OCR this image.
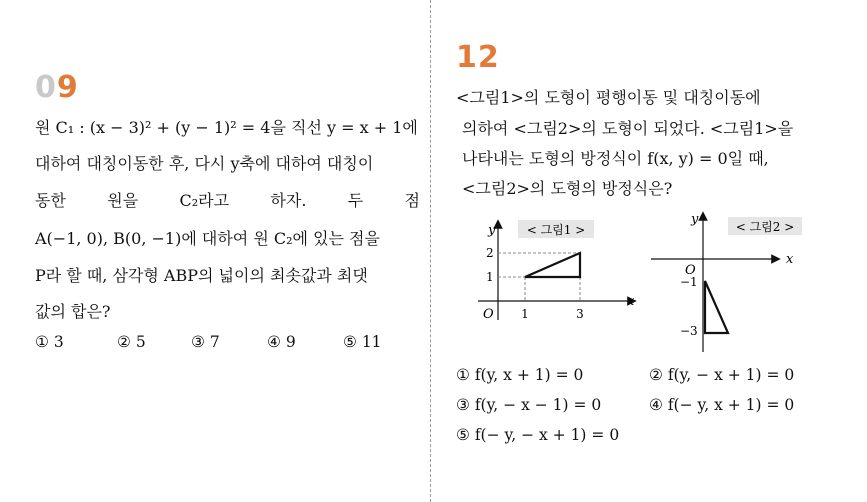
09
원 C₁ : (x − 3)² + (y − 1)² = 4을 직선 y = x + 1에
대하여 대칭이동한 후, 다시 y축에 대하여 대칭이
동한	원을	C₂라고	하자.	두	점
A(−1, 0), B(0, −1)에 대하여 원 C₂에 있는 점을
P라 할 때, 삼각형 ABP의 넓이의 최솟값과 최댓
값의 합은?
① 3	② 5	③ 7	④ 9	⑤ 11
12
<그림1>의 도형이 평행이동 및 대칭이동에
의하여 <그림2>의 도형이 되었다. <그림1>을
나타내는 도형의 방정식이 f(x, y) = 0일 때,
<그림2>의 도형의 방정식은?
< 그림1 >
y
x
O 1	3
2
1
< 그림2 >
y
x
O
−1
−3
① f(y, x + 1) = 0	② f(y, − x + 1) = 0
③ f(y, − x − 1) = 0	④ f(− y, x + 1) = 0
⑤ f(− y, − x + 1) = 0
